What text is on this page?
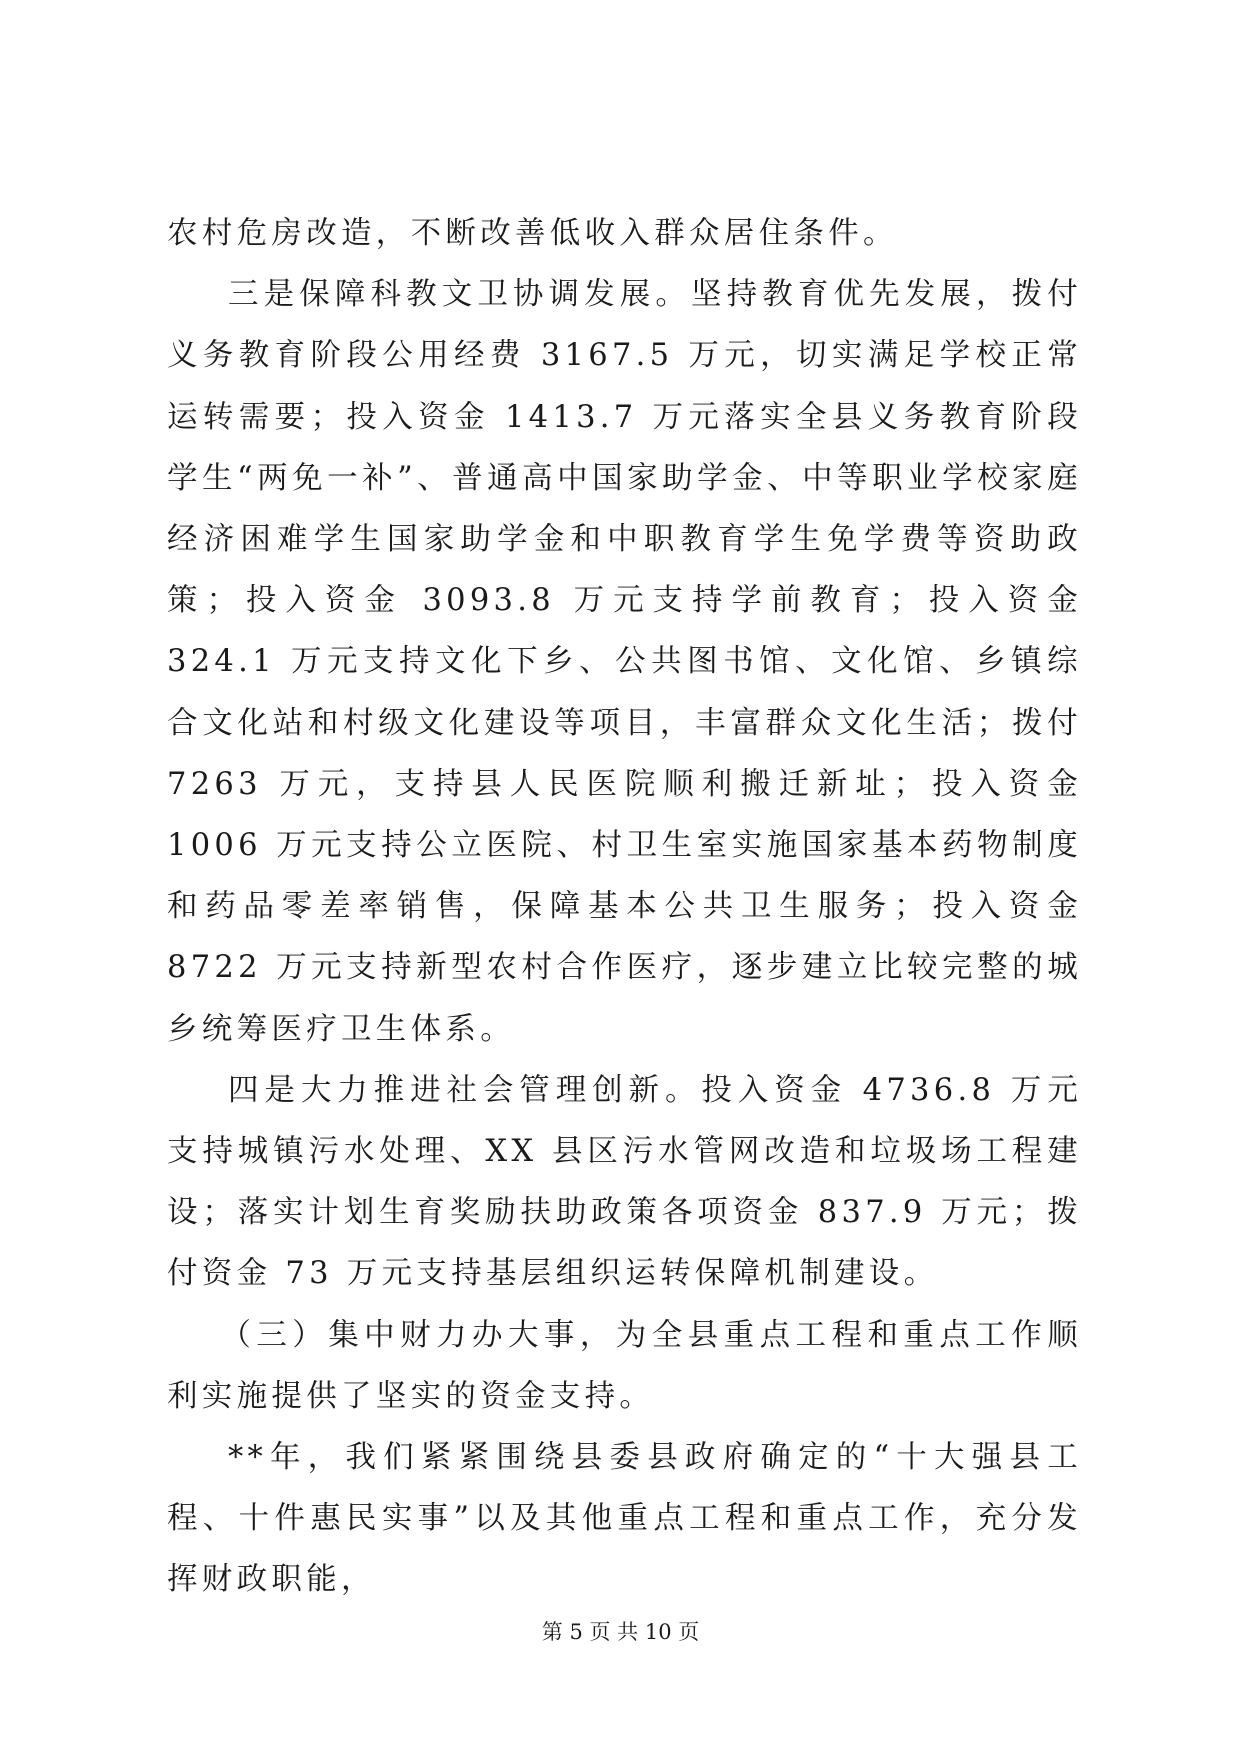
农村危房改造，不断改善低收入群众居住条件。

三是保障科教文卫协调发展。坚持教育优先发展，拨付义务教育阶段公用经费 3167.5 万元，切实满足学校正常运转需要；投入资金 1413.7 万元落实全县义务教育阶段学生“两免一补”、普通高中国家助学金、中等职业学校家庭经济困难学生国家助学金和中职教育学生免学费等资助政策；投入资金 3093.8 万元支持学前教育；投入资金 324.1 万元支持文化下乡、公共图书馆、文化馆、乡镇综合文化站和村级文化建设等项目，丰富群众文化生活；拨付 7263 万元，支持县人民医院顺利搬迁新址；投入资金 1006 万元支持公立医院、村卫生室实施国家基本药物制度和药品零差率销售，保障基本公共卫生服务；投入资金 8722 万元支持新型农村合作医疗，逐步建立比较完整的城乡统筹医疗卫生体系。

四是大力推进社会管理创新。投入资金 4736.8 万元支持城镇污水处理、XX 县区污水管网改造和垃圾场工程建设；落实计划生育奖励扶助政策各项资金 837.9 万元；拨付资金 73 万元支持基层组织运转保障机制建设。

（三）集中财力办大事，为全县重点工程和重点工作顺利实施提供了坚实的资金支持。

**年，我们紧紧围绕县委县政府确定的“十大强县工程、十件惠民实事”以及其他重点工程和重点工作，充分发挥财政职能，

第 5 页 共 10 页
